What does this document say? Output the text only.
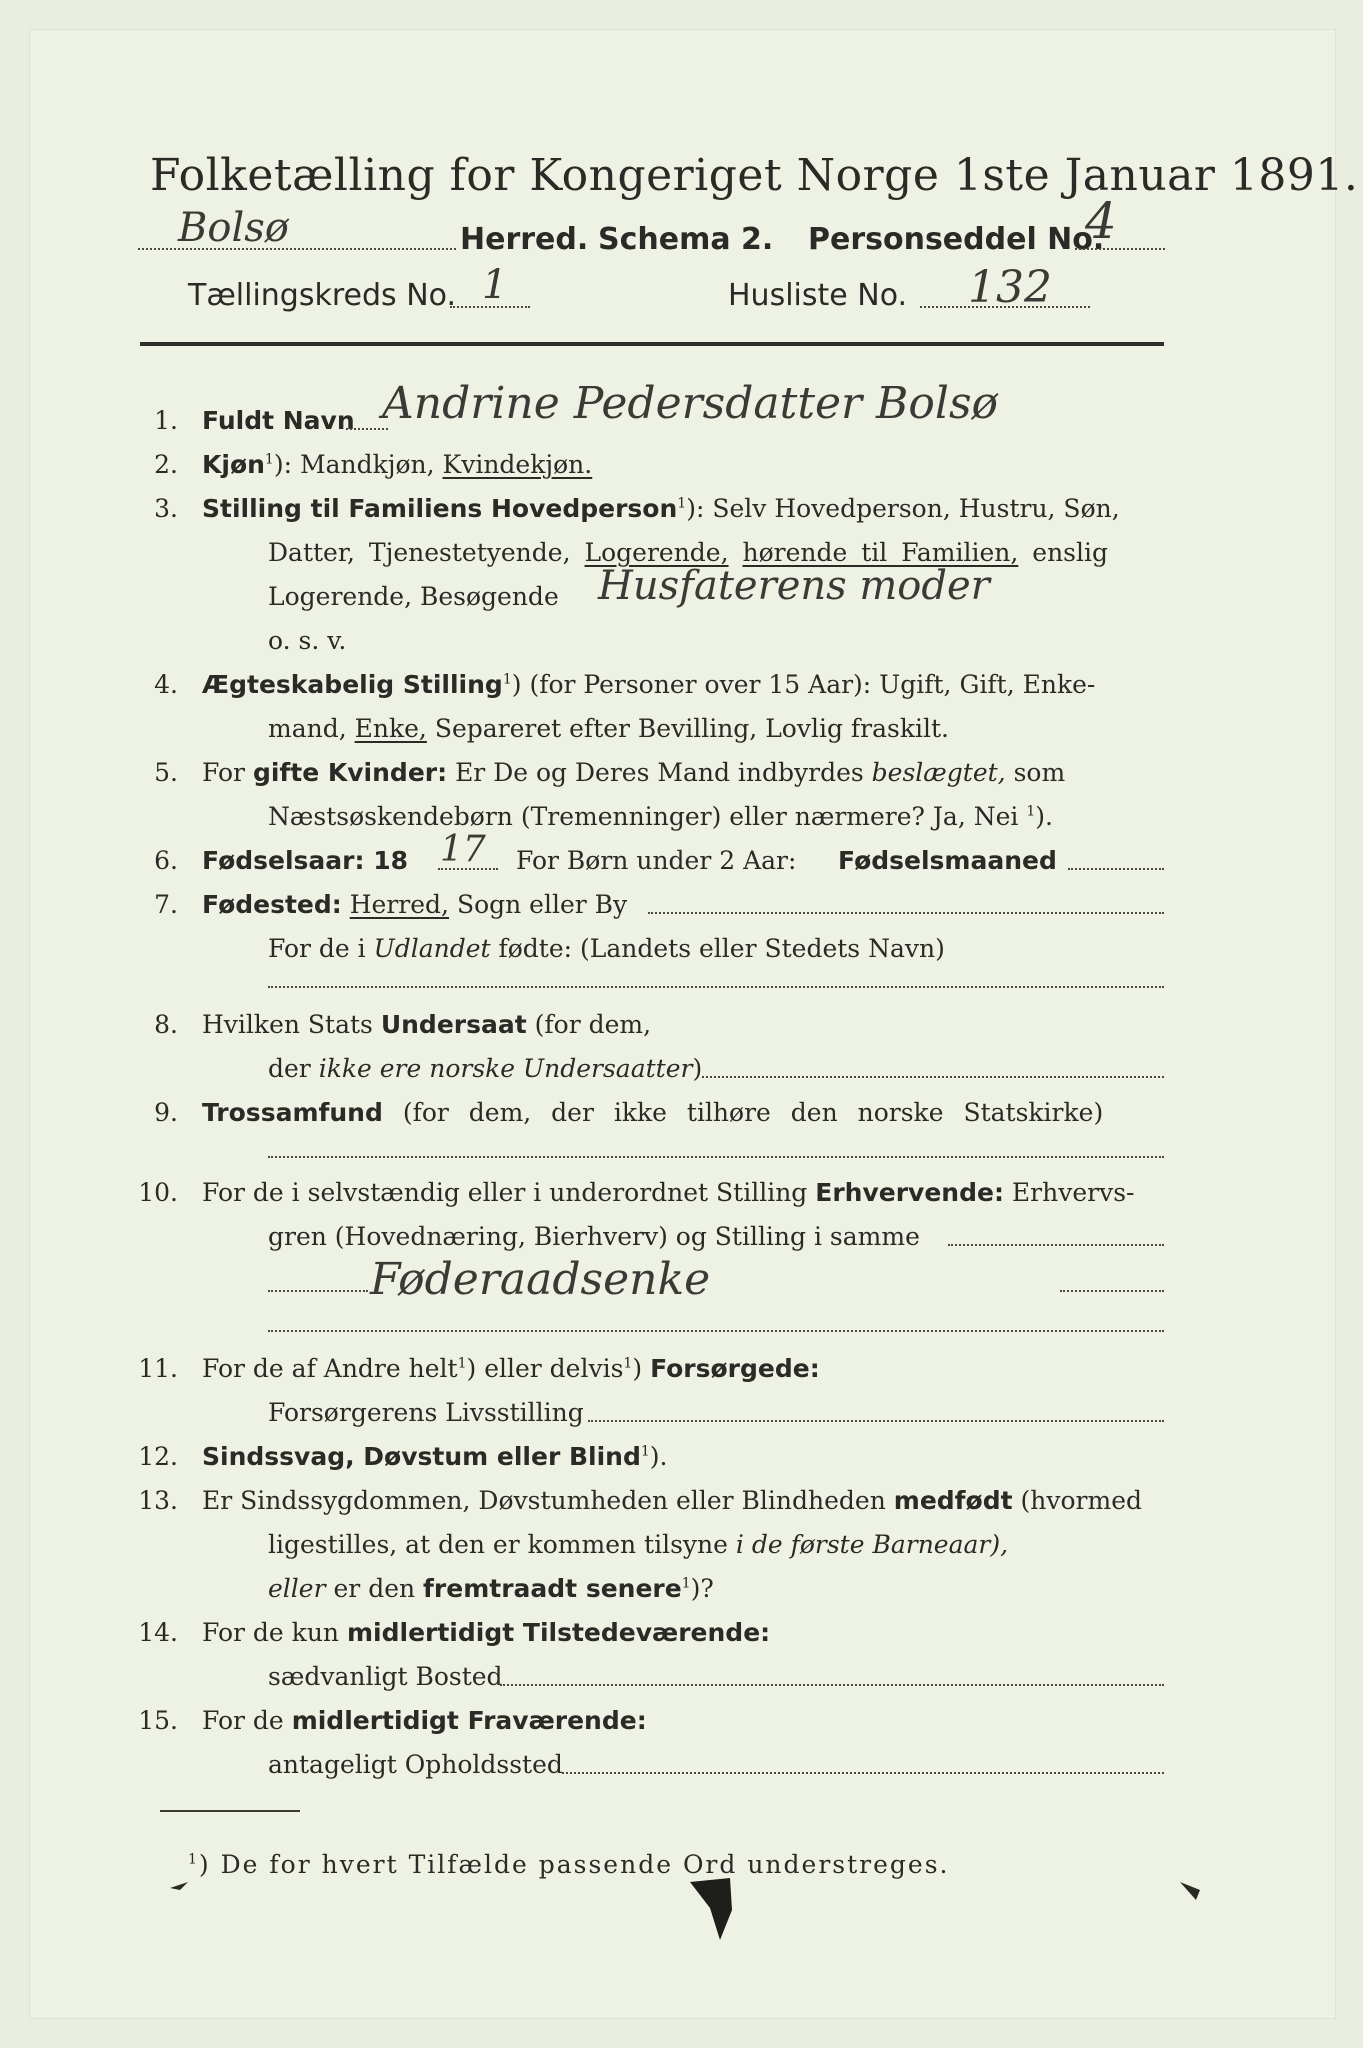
Folketælling for Kongeriget Norge 1ste Januar 1891.
Bolsø	Herred. Schema 2. Personseddel No.
4
Tællingskreds No. 1	Husliste No. 132
1. Fuldt Navn Andrine Pedersdatter Bolsø
2. Kjøn$^1$): Mandkjøn, Kvindekjøn.
3. Stilling til Familiens Hovedperson$^1$): Selv Hovedperson, Hustru, Søn,
Datter, Tjenestetyende, Logerende, hørende til Familien, enslig
Logerende, Besøgende Husfaterens moder
o. s. v.
4. Ægteskabelig Stilling$^1$) (for Personer over 15 Aar): Ugift, Gift, Enke-
mand, Enke, Separeret efter Bevilling, Lovlig fraskilt.
5. For gifte Kvinder: Er De og Deres Mand indbyrdes beslægtet, som
Næstsøskendebørn (Tremenninger) eller nærmere? Ja, Nei $^1$).
6. Fødselsaar: 18 17 For Børn under 2 Aar: Fødselsmaaned
7. Fødested: Herred, Sogn eller By
For de i Udlandet fødte: (Landets eller Stedets Navn)
8. Hvilken Stats Undersaat (for dem,
der ikke ere norske Undersaatter)
9. Trossamfund (for dem, der ikke tilhøre den norske Statskirke)
10. For de i selvstændig eller i underordnet Stilling Erhvervende: Erhvervs-
gren (Hovednæring, Bierhverv) og Stilling i samme
Føderaadsenke
11. For de af Andre helt$^1$) eller delvis$^1$) Forsørgede:
Forsørgerens Livsstilling
12. Sindssvag, Døvstum eller Blind$^1$).
13. Er Sindssygdommen, Døvstumheden eller Blindheden medfødt (hvormed
ligestilles, at den er kommen tilsyne i de første Barneaar),
eller er den fremtraadt senere$^1$)?
14. For de kun midlertidigt Tilstedeværende:
sædvanligt Bosted
15. For de midlertidigt Fraværende:
antageligt Opholdssted
$^1$) De for hvert Tilfælde passende Ord understreges.
